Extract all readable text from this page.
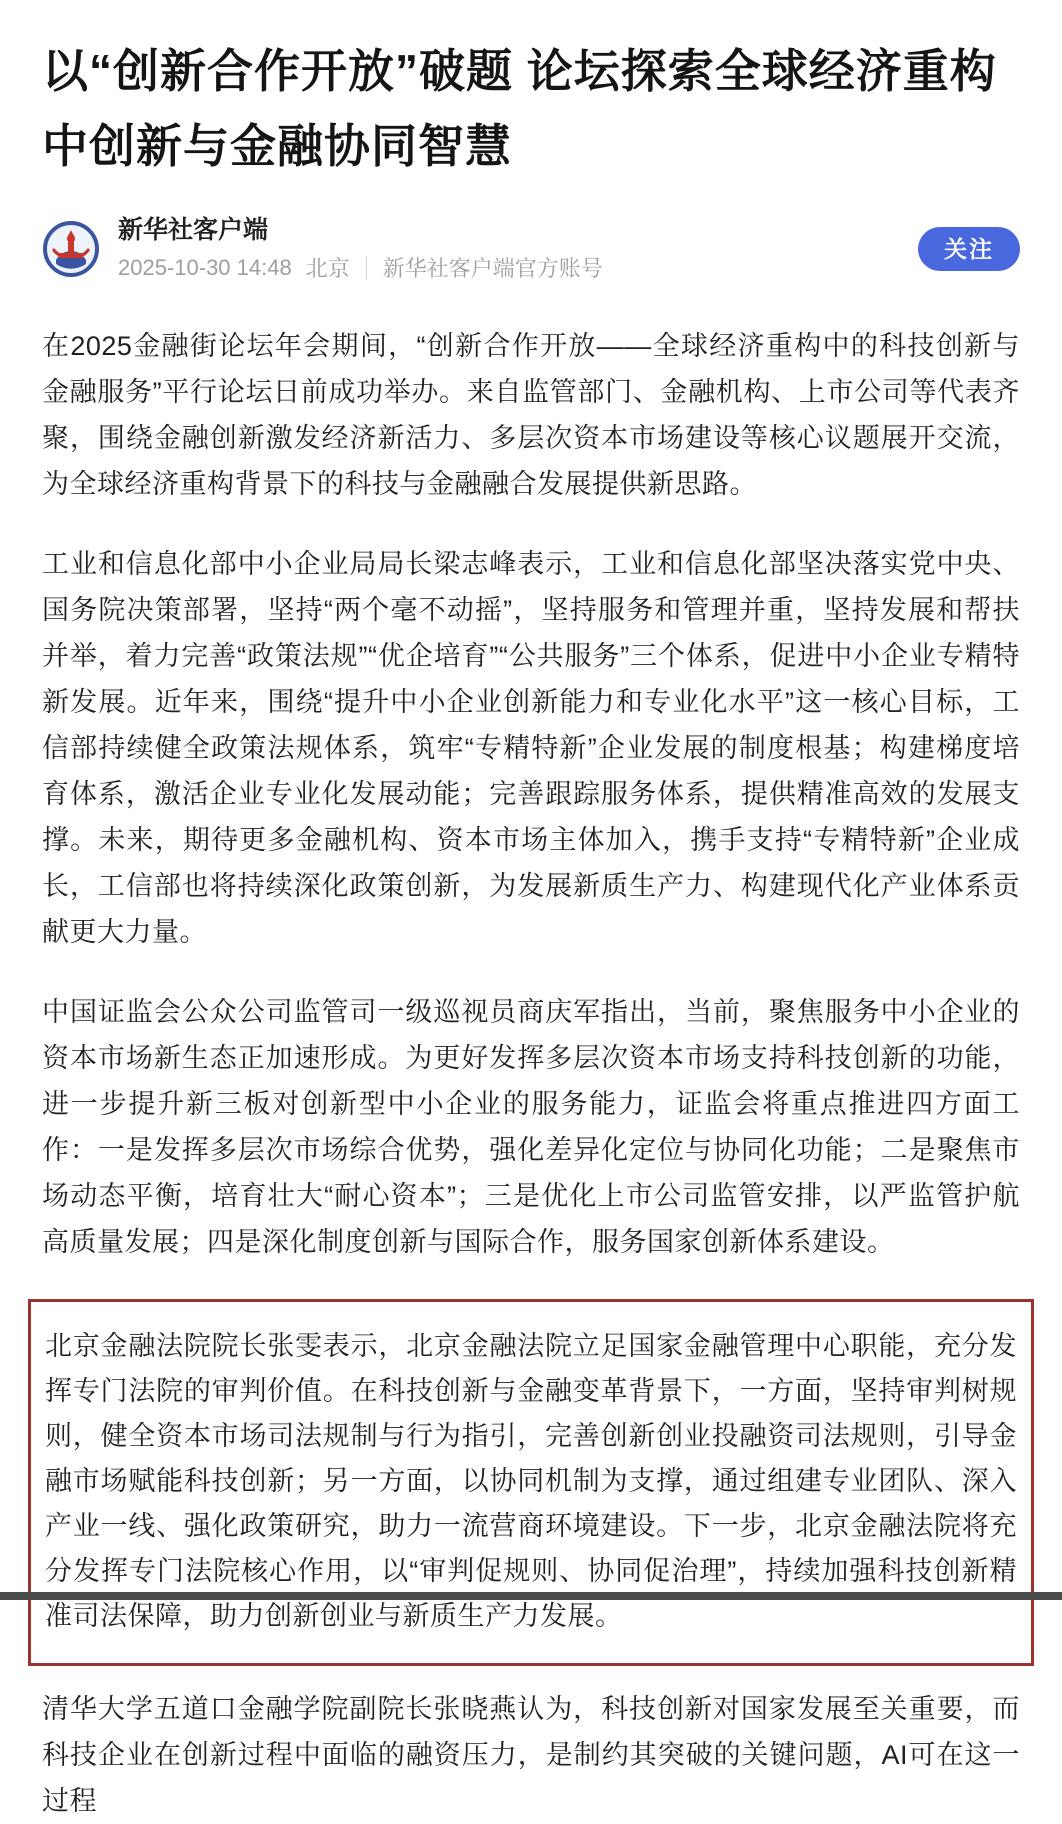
以“创新合作开放”破题 论坛探索全球经济重构中创新与金融协同智慧
新华社客户端
2025-10-30 14:48 北京 新华社客户端官方账号
关注

在2025金融街论坛年会期间，“创新合作开放——全球经济重构中的科技创新与金融服务”平行论坛日前成功举办。来自监管部门、金融机构、上市公司等代表齐聚，围绕金融创新激发经济新活力、多层次资本市场建设等核心议题展开交流，为全球经济重构背景下的科技与金融融合发展提供新思路。

工业和信息化部中小企业局局长梁志峰表示，工业和信息化部坚决落实党中央、国务院决策部署，坚持“两个毫不动摇”，坚持服务和管理并重，坚持发展和帮扶并举，着力完善“政策法规”“优企培育”“公共服务”三个体系，促进中小企业专精特新发展。近年来，围绕“提升中小企业创新能力和专业化水平”这一核心目标，工信部持续健全政策法规体系，筑牢“专精特新”企业发展的制度根基；构建梯度培育体系，激活企业专业化发展动能；完善跟踪服务体系，提供精准高效的发展支撑。未来，期待更多金融机构、资本市场主体加入，携手支持“专精特新”企业成长，工信部也将持续深化政策创新，为发展新质生产力、构建现代化产业体系贡献更大力量。

中国证监会公众公司监管司一级巡视员商庆军指出，当前，聚焦服务中小企业的资本市场新生态正加速形成。为更好发挥多层次资本市场支持科技创新的功能，进一步提升新三板对创新型中小企业的服务能力，证监会将重点推进四方面工作：一是发挥多层次市场综合优势，强化差异化定位与协同化功能；二是聚焦市场动态平衡，培育壮大“耐心资本”；三是优化上市公司监管安排，以严监管护航高质量发展；四是深化制度创新与国际合作，服务国家创新体系建设。

北京金融法院院长张雯表示，北京金融法院立足国家金融管理中心职能，充分发挥专门法院的审判价值。在科技创新与金融变革背景下，一方面，坚持审判树规则，健全资本市场司法规制与行为指引，完善创新创业投融资司法规则，引导金融市场赋能科技创新；另一方面，以协同机制为支撑，通过组建专业团队、深入产业一线、强化政策研究，助力一流营商环境建设。下一步，北京金融法院将充分发挥专门法院核心作用，以“审判促规则、协同促治理”，持续加强科技创新精准司法保障，助力创新创业与新质生产力发展。

清华大学五道口金融学院副院长张晓燕认为，科技创新对国家发展至关重要，而科技企业在创新过程中面临的融资压力，是制约其突破的关键问题，AI可在这一过程
